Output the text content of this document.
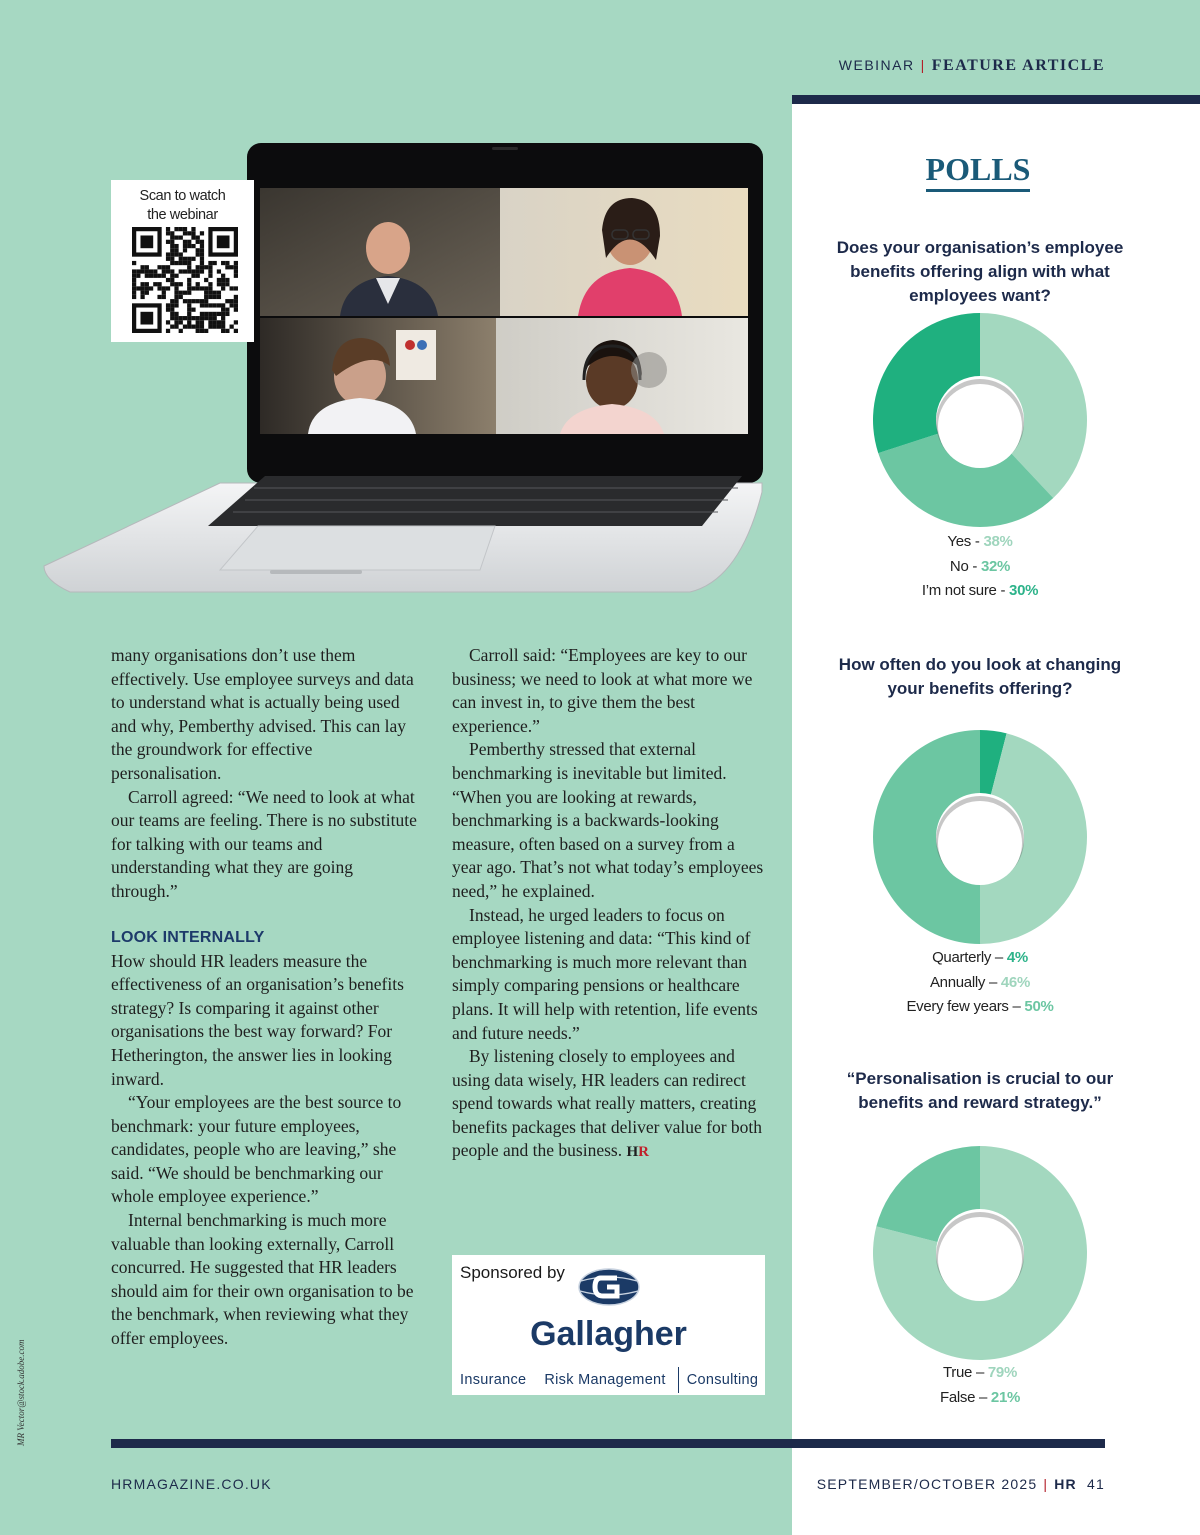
WEBINAR | FEATURE ARTICLE
Scan to watch
the webinar
POLLS
Does your organisation’s employee benefits offering align with what employees want?
Yes - 38%
No - 32%
I’m not sure - 30%
How often do you look at changing your benefits offering?
Quarterly – 4%
Annually – 46%
Every few years – 50%
“Personalisation is crucial to our benefits and reward strategy.”
True – 79%
False – 21%

many organisations don’t use them effectively. Use employee surveys and data to understand what is actually being used and why, Pemberthy advised. This can lay the groundwork for effective personalisation.

Carroll agreed: “We need to look at what our teams are feeling. There is no substitute for talking with our teams and understanding what they are going through.”

LOOK INTERNALLY

How should HR leaders measure the effectiveness of an organisation’s benefits strategy? Is comparing it against other organisations the best way forward? For Hetherington, the answer lies in looking inward.

“Your employees are the best source to benchmark: your future employees, candidates, people who are leaving,” she said. “We should be benchmarking our whole employee experience.”

Internal benchmarking is much more valuable than looking externally, Carroll concurred. He suggested that HR leaders should aim for their own organisation to be the benchmark, when reviewing what they offer employees.

Carroll said: “Employees are key to our business; we need to look at what more we can invest in, to give them the best experience.”

Pemberthy stressed that external benchmarking is inevitable but limited. “When you are looking at rewards, benchmarking is a backwards-looking measure, often based on a survey from a year ago. That’s not what today’s employees need,” he explained.

Instead, he urged leaders to focus on employee listening and data: “This kind of benchmarking is much more relevant than simply comparing pensions or healthcare plans. It will help with retention, life events and future needs.”

By listening closely to employees and using data wisely, HR leaders can redirect spend towards what really matters, creating benefits packages that deliver value for both people and the business. HR

Sponsored by
Gallagher
Insurance Risk Management Consulting
HRMAGAZINE.CO.UK	SEPTEMBER/OCTOBER 2025 | HR 41
MR Vector@stock.adobe.com
